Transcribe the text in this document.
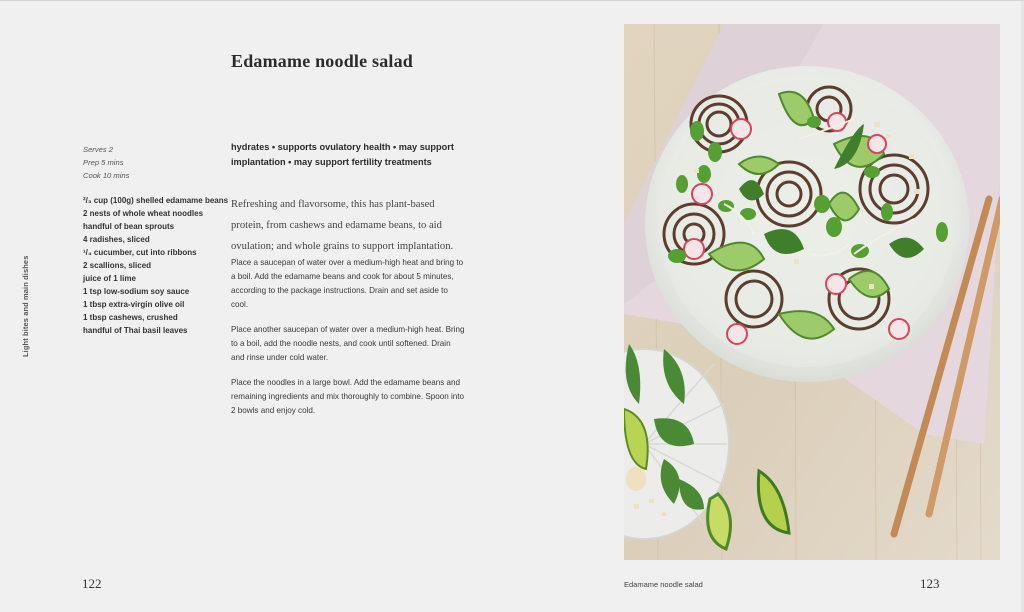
Light bites and main dishes
Edamame noodle salad
Serves 2
Prep 5 mins
Cook 10 mins
²/₃ cup (100g) shelled edamame beans
2 nests of whole wheat noodles
handful of bean sprouts
4 radishes, sliced
¹/₄ cucumber, cut into ribbons
2 scallions, sliced
juice of 1 lime
1 tsp low-sodium soy sauce
1 tbsp extra-virgin olive oil
1 tbsp cashews, crushed
handful of Thai basil leaves
hydrates • supports ovulatory health • may support implantation • may support fertility treatments

Refreshing and flavorsome, this has plant-based protein, from cashews and edamame beans, to aid ovulation; and whole grains to support implantation.

Place a saucepan of water over a medium-high heat and bring to a boil. Add the edamame beans and cook for about 5 minutes, according to the package instructions. Drain and set aside to cool.

Place another saucepan of water over a medium-high heat. Bring to a boil, add the noodle nests, and cook until softened. Drain and rinse under cold water.

Place the noodles in a large bowl. Add the edamame beans and remaining ingredients and mix thoroughly to combine. Spoon into 2 bowls and enjoy cold.

122	Edamame noodle salad	123
